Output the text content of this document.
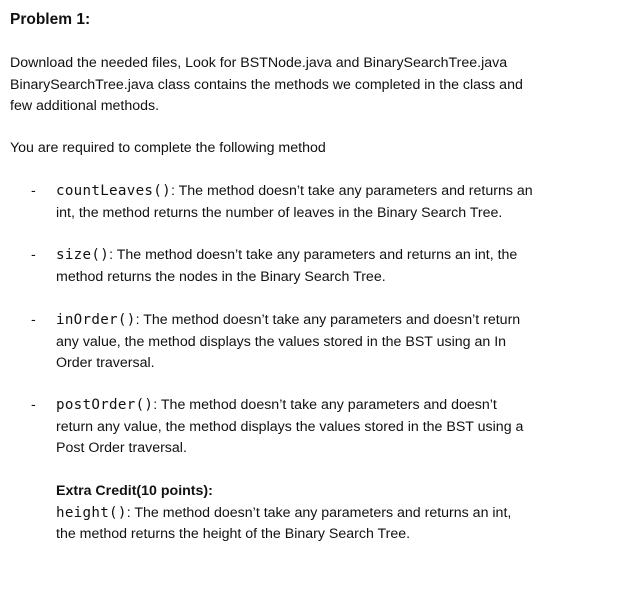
Problem 1:
Download the needed files, Look for BSTNode.java and BinarySearchTree.java
BinarySearchTree.java class contains the methods we completed in the class and
few additional methods.
You are required to complete the following method
-	countLeaves(): The method doesn’t take any parameters and returns an
int, the method returns the number of leaves in the Binary Search Tree.
-	size(): The method doesn’t take any parameters and returns an int, the
method returns the nodes in the Binary Search Tree.
-	inOrder(): The method doesn’t take any parameters and doesn’t return
any value, the method displays the values stored in the BST using an In
Order traversal.
-	postOrder(): The method doesn’t take any parameters and doesn’t
return any value, the method displays the values stored in the BST using a
Post Order traversal.
Extra Credit(10 points):
height(): The method doesn’t take any parameters and returns an int,
the method returns the height of the Binary Search Tree.
